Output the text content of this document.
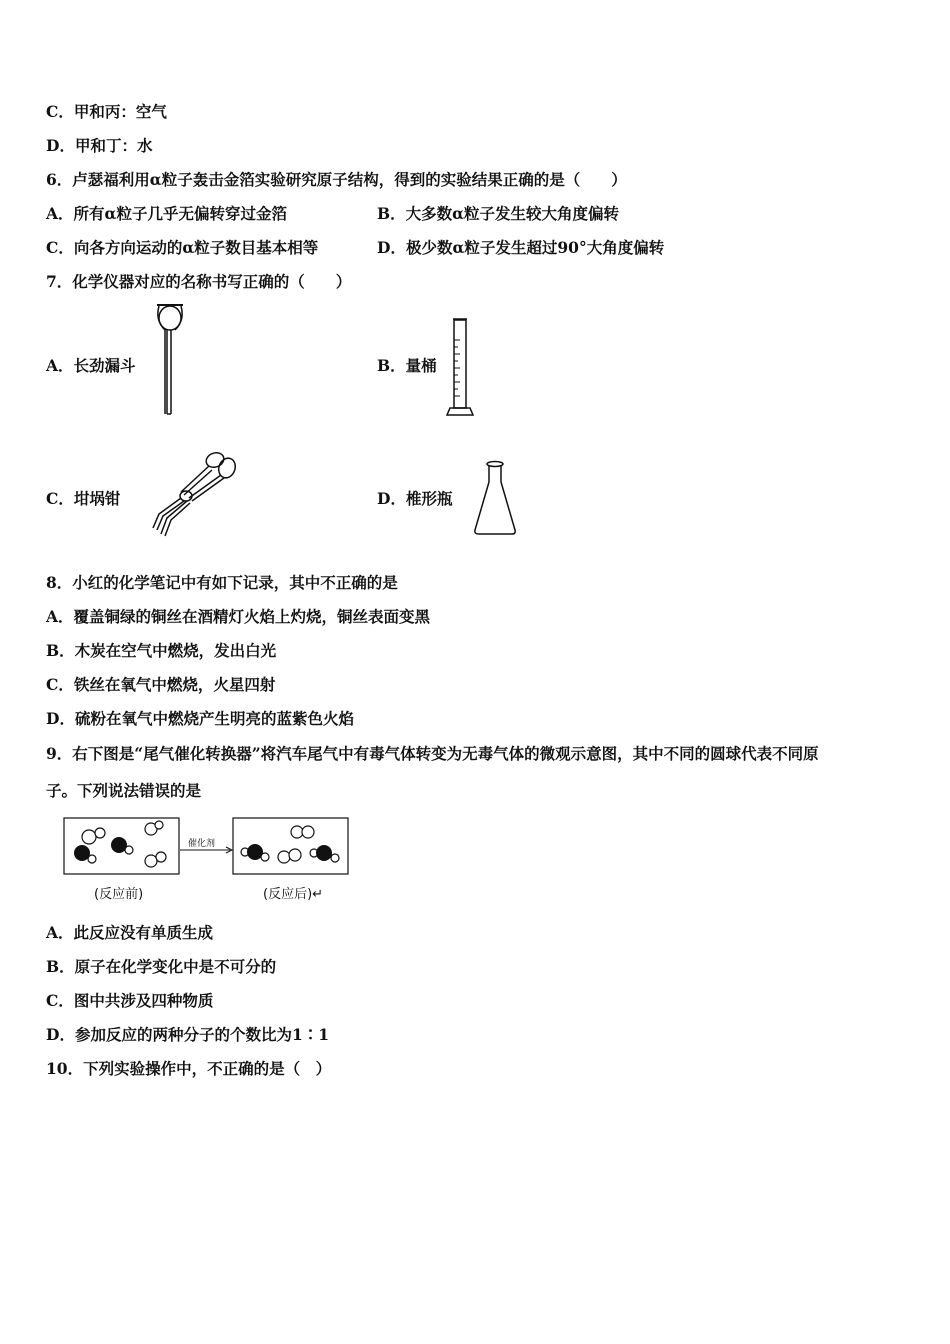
C．甲和丙：空气
D．甲和丁：水
6．卢瑟福利用α粒子轰击金箔实验研究原子结构，得到的实验结果正确的是（　　）
A．所有α粒子几乎无偏转穿过金箔	B．大多数α粒子发生较大角度偏转
C．向各方向运动的α粒子数目基本相等	D．极少数α粒子发生超过90°大角度偏转
7．化学仪器对应的名称书写正确的（　　）
A．长劲漏斗	B．量桶
C．坩埚钳	D．椎形瓶
8．小红的化学笔记中有如下记录，其中不正确的是
A．覆盖铜绿的铜丝在酒精灯火焰上灼烧，铜丝表面变黑
B．木炭在空气中燃烧，发出白光
C．铁丝在氧气中燃烧，火星四射
D．硫粉在氧气中燃烧产生明亮的蓝紫色火焰
9．右下图是“尾气催化转换器”将汽车尾气中有毒气体转变为无毒气体的微观示意图，其中不同的圆球代表不同原
子。下列说法错误的是
催化剂
(反应前)	(反应后)↵
A．此反应没有单质生成
B．原子在化学变化中是不可分的
C．图中共涉及四种物质
D．参加反应的两种分子的个数比为1∶1
10．下列实验操作中，不正确的是（　）
